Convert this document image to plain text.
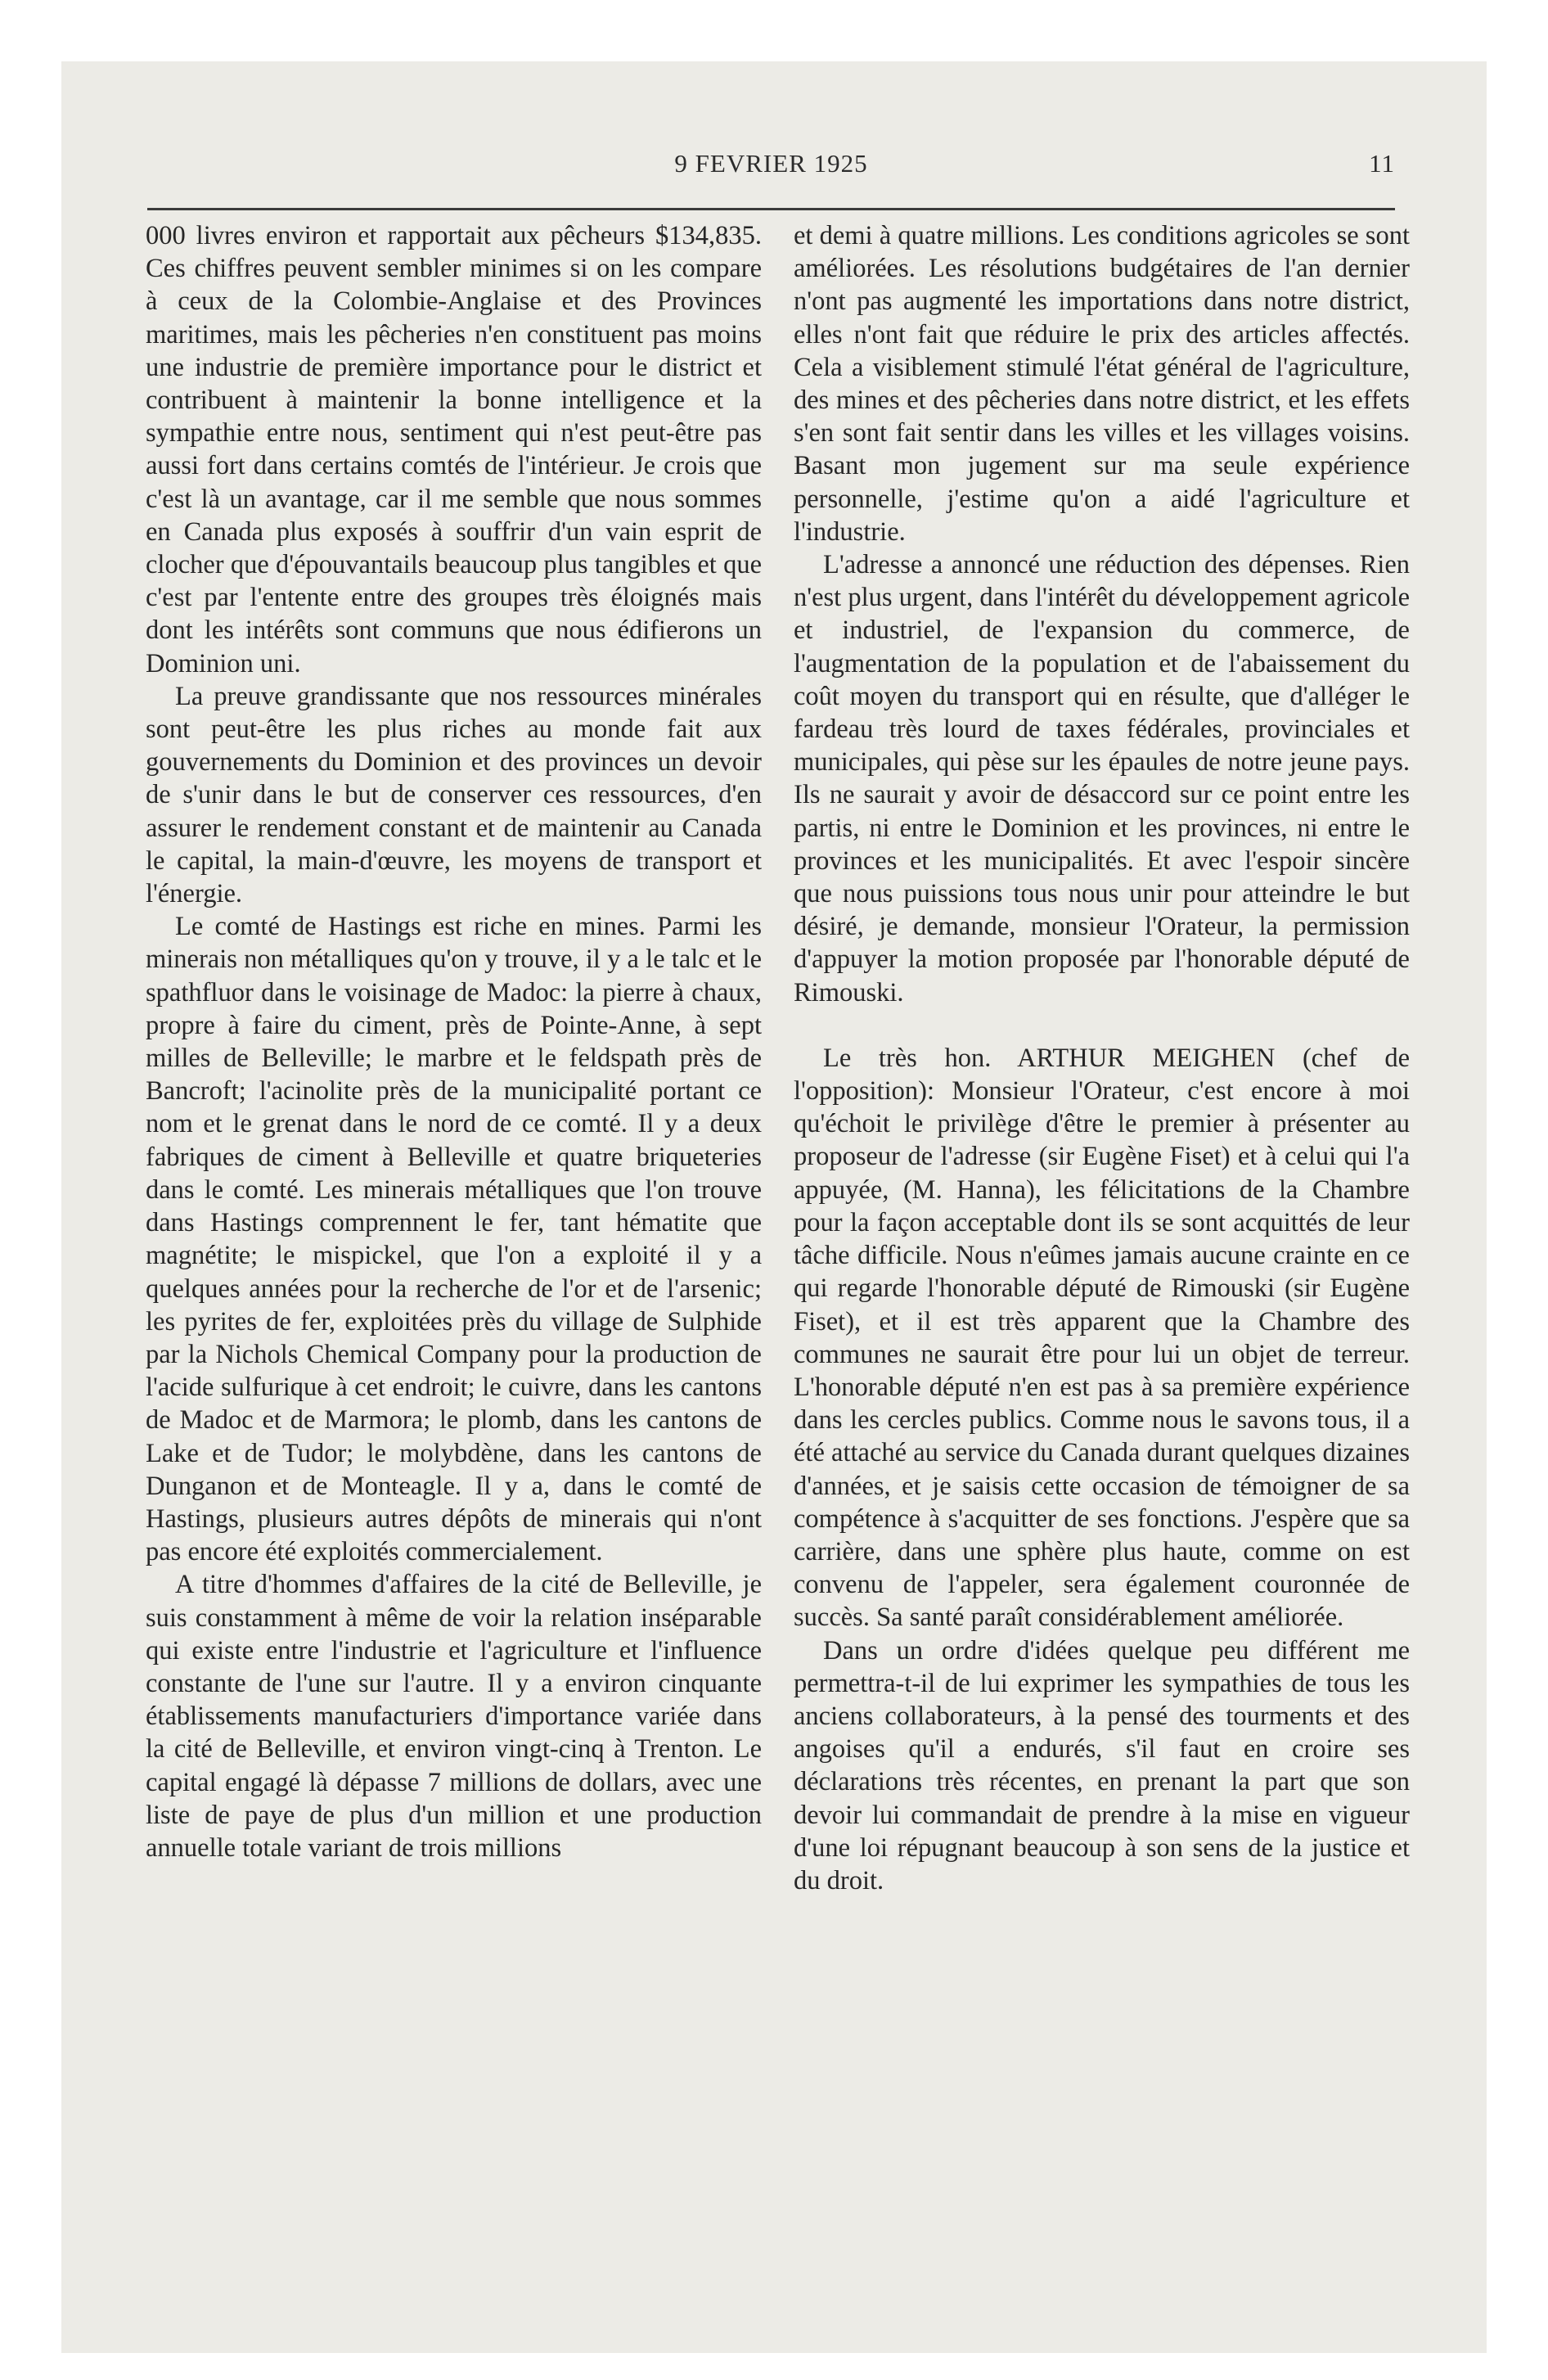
9 FEVRIER 1925	11

000 livres environ et rapportait aux pêcheurs $134,835. Ces chiffres peuvent sembler minimes si on les compare à ceux de la Colombie-Anglaise et des Provinces maritimes, mais les pêcheries n'en constituent pas moins une industrie de première importance pour le district et contribuent à maintenir la bonne intelligence et la sympathie entre nous, sentiment qui n'est peut-être pas aussi fort dans certains comtés de l'intérieur. Je crois que c'est là un avantage, car il me semble que nous sommes en Canada plus exposés à souffrir d'un vain esprit de clocher que d'épouvantails beaucoup plus tangibles et que c'est par l'entente entre des groupes très éloignés mais dont les intérêts sont communs que nous édifierons un Dominion uni.

La preuve grandissante que nos ressources minérales sont peut-être les plus riches au monde fait aux gouvernements du Dominion et des provinces un devoir de s'unir dans le but de conserver ces ressources, d'en assurer le rendement constant et de maintenir au Canada le capital, la main-d'œuvre, les moyens de transport et l'énergie.

Le comté de Hastings est riche en mines. Parmi les minerais non métalliques qu'on y trouve, il y a le talc et le spathfluor dans le voisinage de Madoc: la pierre à chaux, propre à faire du ciment, près de Pointe-Anne, à sept milles de Belleville; le marbre et le feldspath près de Bancroft; l'acinolite près de la municipalité portant ce nom et le grenat dans le nord de ce comté. Il y a deux fabriques de ciment à Belleville et quatre briqueteries dans le comté. Les minerais métalliques que l'on trouve dans Hastings comprennent le fer, tant hématite que magnétite; le mispickel, que l'on a exploité il y a quelques années pour la recherche de l'or et de l'arsenic; les pyrites de fer, exploitées près du village de Sulphide par la Nichols Chemical Company pour la production de l'acide sulfurique à cet endroit; le cuivre, dans les cantons de Madoc et de Marmora; le plomb, dans les cantons de Lake et de Tudor; le molybdène, dans les cantons de Dunganon et de Monteagle. Il y a, dans le comté de Hastings, plusieurs autres dépôts de minerais qui n'ont pas encore été exploités commercialement.

A titre d'hommes d'affaires de la cité de Belleville, je suis constamment à même de voir la relation inséparable qui existe entre l'industrie et l'agriculture et l'influence constante de l'une sur l'autre. Il y a environ cinquante établissements manufacturiers d'importance variée dans la cité de Belleville, et environ vingt-cinq à Trenton. Le capital engagé là dépasse 7 millions de dollars, avec une liste de paye de plus d'un million et une production annuelle totale variant de trois millions

et demi à quatre millions. Les conditions agricoles se sont améliorées. Les résolutions budgétaires de l'an dernier n'ont pas augmenté les importations dans notre district, elles n'ont fait que réduire le prix des articles affectés. Cela a visiblement stimulé l'état général de l'agriculture, des mines et des pêcheries dans notre district, et les effets s'en sont fait sentir dans les villes et les villages voisins. Basant mon jugement sur ma seule expérience personnelle, j'estime qu'on a aidé l'agriculture et l'industrie.

L'adresse a annoncé une réduction des dépenses. Rien n'est plus urgent, dans l'intérêt du développement agricole et industriel, de l'expansion du commerce, de l'augmentation de la population et de l'abaissement du coût moyen du transport qui en résulte, que d'alléger le fardeau très lourd de taxes fédérales, provinciales et municipales, qui pèse sur les épaules de notre jeune pays. Ils ne saurait y avoir de désaccord sur ce point entre les partis, ni entre le Dominion et les provinces, ni entre le provinces et les municipalités. Et avec l'espoir sincère que nous puissions tous nous unir pour atteindre le but désiré, je demande, monsieur l'Orateur, la permission d'appuyer la motion proposée par l'honorable député de Rimouski.

Le très hon. ARTHUR MEIGHEN (chef de l'opposition): Monsieur l'Orateur, c'est encore à moi qu'échoit le privilège d'être le premier à présenter au proposeur de l'adresse (sir Eugène Fiset) et à celui qui l'a appuyée, (M. Hanna), les félicitations de la Chambre pour la façon acceptable dont ils se sont acquittés de leur tâche difficile. Nous n'eûmes jamais aucune crainte en ce qui regarde l'honorable député de Rimouski (sir Eugène Fiset), et il est très apparent que la Chambre des communes ne saurait être pour lui un objet de terreur. L'honorable député n'en est pas à sa première expérience dans les cercles publics. Comme nous le savons tous, il a été attaché au service du Canada durant quelques dizaines d'années, et je saisis cette occasion de témoigner de sa compétence à s'acquitter de ses fonctions. J'espère que sa carrière, dans une sphère plus haute, comme on est convenu de l'appeler, sera également couronnée de succès. Sa santé paraît considérablement améliorée.

Dans un ordre d'idées quelque peu différent me permettra-t-il de lui exprimer les sympathies de tous les anciens collaborateurs, à la pensé des tourments et des angoises qu'il a endurés, s'il faut en croire ses déclarations très récentes, en prenant la part que son devoir lui commandait de prendre à la mise en vigueur d'une loi répugnant beaucoup à son sens de la justice et du droit.
